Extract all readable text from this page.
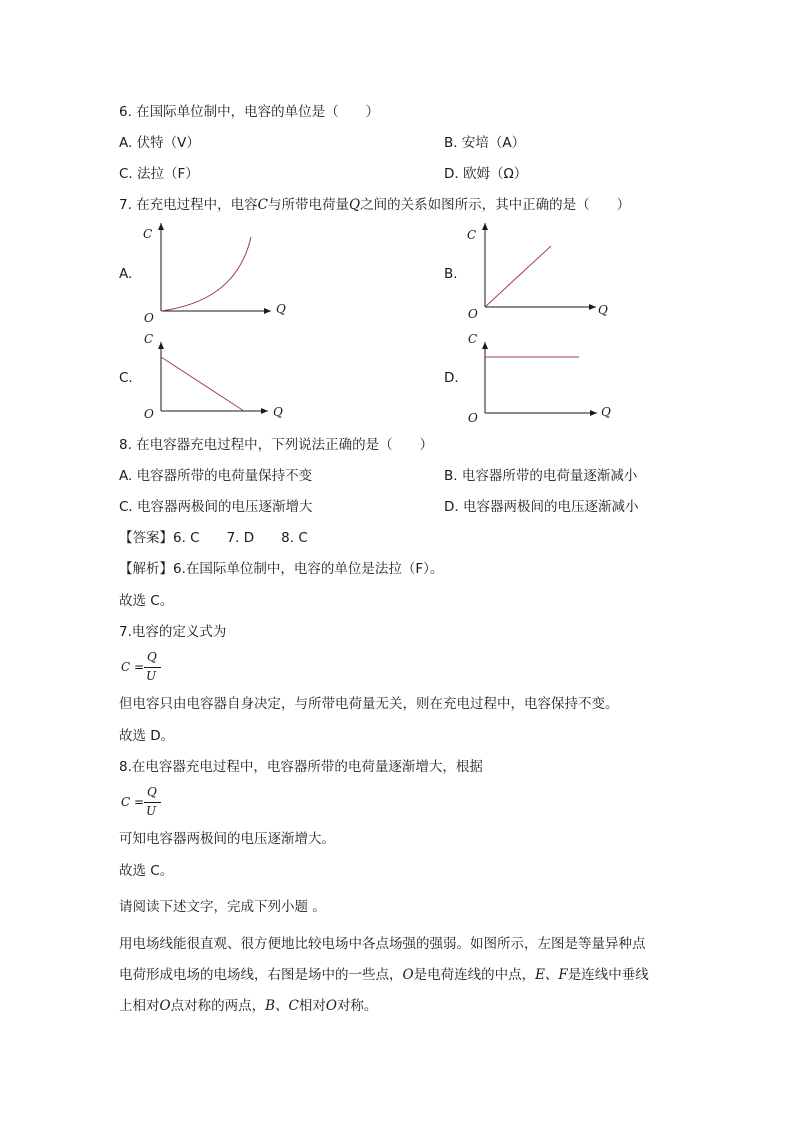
6. 在国际单位制中，电容的单位是（　　）
A. 伏特（V）	B. 安培（A）
C. 法拉（F）	D. 欧姆（Ω）
7. 在充电过程中，电容C与所带电荷量Q之间的关系如图所示，其中正确的是（　　）
A.	B.
C.	D.
C
Q
O
C
Q
O
C
Q
O
C
Q
O
8. 在电容器充电过程中，下列说法正确的是（　　）
A. 电容器所带的电荷量保持不变	B. 电容器所带的电荷量逐渐减小
C. 电容器两极间的电压逐渐增大	D. 电容器两极间的电压逐渐减小
【答案】6. C　　7. D　　8. C
【解析】6.在国际单位制中，电容的单位是法拉（F）。
故选 C。
7.电容的定义式为
C =
Q
U
但电容只由电容器自身决定，与所带电荷量无关，则在充电过程中，电容保持不变。
故选 D。
8.在电容器充电过程中，电容器所带的电荷量逐渐增大，根据
C =
Q
U
可知电容器两极间的电压逐渐增大。
故选 C。
请阅读下述文字，完成下列小题 。
用电场线能很直观、很方便地比较电场中各点场强的强弱。如图所示，左图是等量异种点
电荷形成电场的电场线，右图是场中的一些点，O是电荷连线的中点，E、F是连线中垂线
上相对O点对称的两点，B、C相对O对称。
